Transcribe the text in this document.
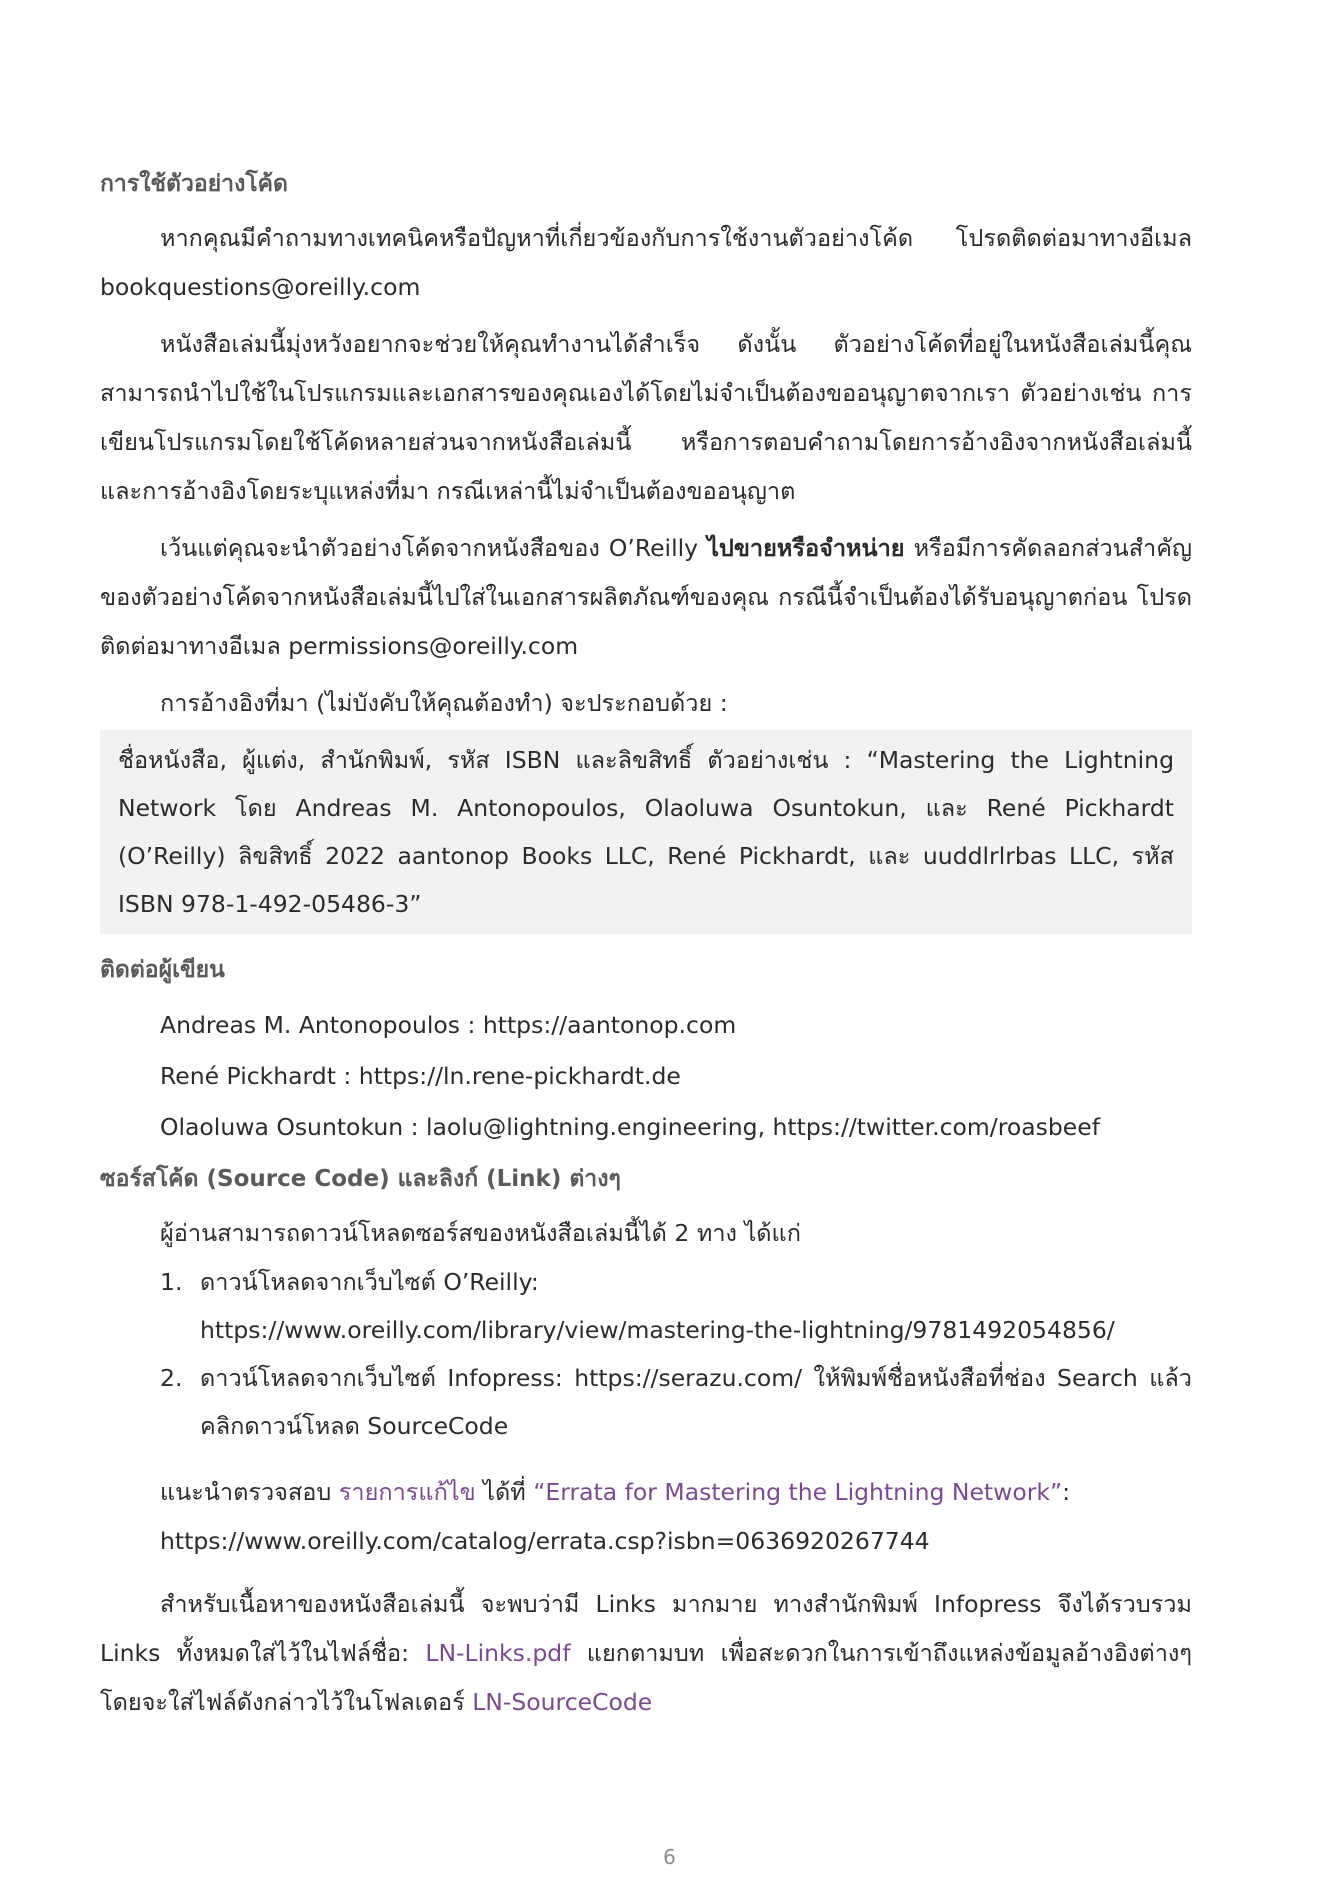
การใช้ตัวอย่างโค้ด

หากคุณมีคำถามทางเทคนิคหรือปัญหาที่เกี่ยวข้องกับการใช้งานตัวอย่างโค้ด โปรดติดต่อมาทางอีเมล bookquestions@oreilly.com

หนังสือเล่มนี้มุ่งหวังอยากจะช่วยให้คุณทำงานได้สำเร็จ ดังนั้น ตัวอย่างโค้ดที่อยู่ในหนังสือเล่มนี้คุณสามารถนำไปใช้ในโปรแกรมและเอกสารของคุณเองได้โดยไม่จำเป็นต้องขออนุญาตจากเรา ตัวอย่างเช่น การเขียนโปรแกรมโดยใช้โค้ดหลายส่วนจากหนังสือเล่มนี้ หรือการตอบคำถามโดยการอ้างอิงจากหนังสือเล่มนี้ และการอ้างอิงโดยระบุแหล่งที่มา กรณีเหล่านี้ไม่จำเป็นต้องขออนุญาต

เว้นแต่คุณจะนำตัวอย่างโค้ดจากหนังสือของ O’Reilly ไปขายหรือจำหน่าย หรือมีการคัดลอกส่วนสำคัญของตัวอย่างโค้ดจากหนังสือเล่มนี้ไปใส่ในเอกสารผลิตภัณฑ์ของคุณ กรณีนี้จำเป็นต้องได้รับอนุญาตก่อน โปรดติดต่อมาทางอีเมล permissions@oreilly.com

การอ้างอิงที่มา (ไม่บังคับให้คุณต้องทำ) จะประกอบด้วย :

ชื่อหนังสือ, ผู้แต่ง, สำนักพิมพ์, รหัส ISBN และลิขสิทธิ์ ตัวอย่างเช่น : “Mastering the Lightning Network โดย Andreas M. Antonopoulos, Olaoluwa Osuntokun, และ René Pickhardt (O’Reilly) ลิขสิทธิ์ 2022 aantonop Books LLC, René Pickhardt, และ uuddlrlrbas LLC, รหัส ISBN 978-1-492-05486-3”
ติดต่อผู้เขียน
Andreas M. Antonopoulos : https://aantonop.com
René Pickhardt : https://ln.rene-pickhardt.de
Olaoluwa Osuntokun : laolu@lightning.engineering, https://twitter.com/roasbeef
ซอร์สโค้ด (Source Code) และลิงก์ (Link) ต่างๆ

ผู้อ่านสามารถดาวน์โหลดซอร์สของหนังสือเล่มนี้ได้ 2 ทาง ได้แก่

1. ดาวน์โหลดจากเว็บไซต์ O’Reilly:
https://www.oreilly.com/library/view/mastering-the-lightning/9781492054856/
2. ดาวน์โหลดจากเว็บไซต์ Infopress: https://serazu.com/ ให้พิมพ์ชื่อหนังสือที่ช่อง Search แล้วคลิกดาวน์โหลด SourceCode

แนะนำตรวจสอบ รายการแก้ไข ได้ที่ “Errata for Mastering the Lightning Network”:

https://www.oreilly.com/catalog/errata.csp?isbn=0636920267744

สำหรับเนื้อหาของหนังสือเล่มนี้ จะพบว่ามี Links มากมาย ทางสำนักพิมพ์ Infopress จึงได้รวบรวม Links ทั้งหมดใส่ไว้ในไฟล์ชื่อ: LN-Links.pdf แยกตามบท เพื่อสะดวกในการเข้าถึงแหล่งข้อมูลอ้างอิงต่างๆ โดยจะใส่ไฟล์ดังกล่าวไว้ในโฟลเดอร์ LN-SourceCode

6
